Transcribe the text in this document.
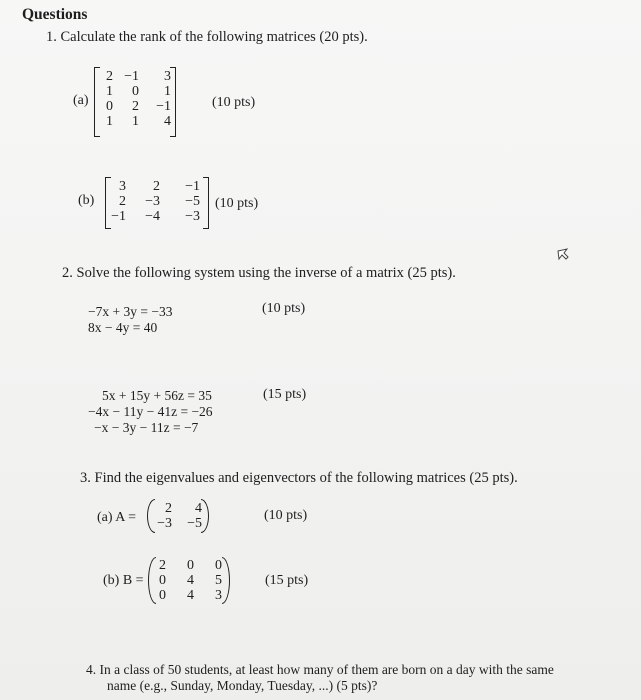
Questions
1. Calculate the rank of the following matrices (20 pts).
(a)
2	−1	3
1	0	1
0	2	−1
1	1	4
(10 pts)
(b)
3	2	−1
2	−3	−5
−1	−4	−3
(10 pts)
2. Solve the following system using the inverse of a matrix (25 pts).
−7x + 3y = −33
8x − 4y = 40
(10 pts)
5x + 15y + 56z = 35
−4x − 11y − 41z = −26
−x − 3y − 11z = −7
(15 pts)
3. Find the eigenvalues and eigenvectors of the following matrices (25 pts).
(a) A =
2	4
−3	−5
(10 pts)
(b) B =
2	0	0
0	4	5
0	4	3
(15 pts)
4. In a class of 50 students, at least how many of them are born on a day with the same
name (e.g., Sunday, Monday, Tuesday, ...) (5 pts)?
